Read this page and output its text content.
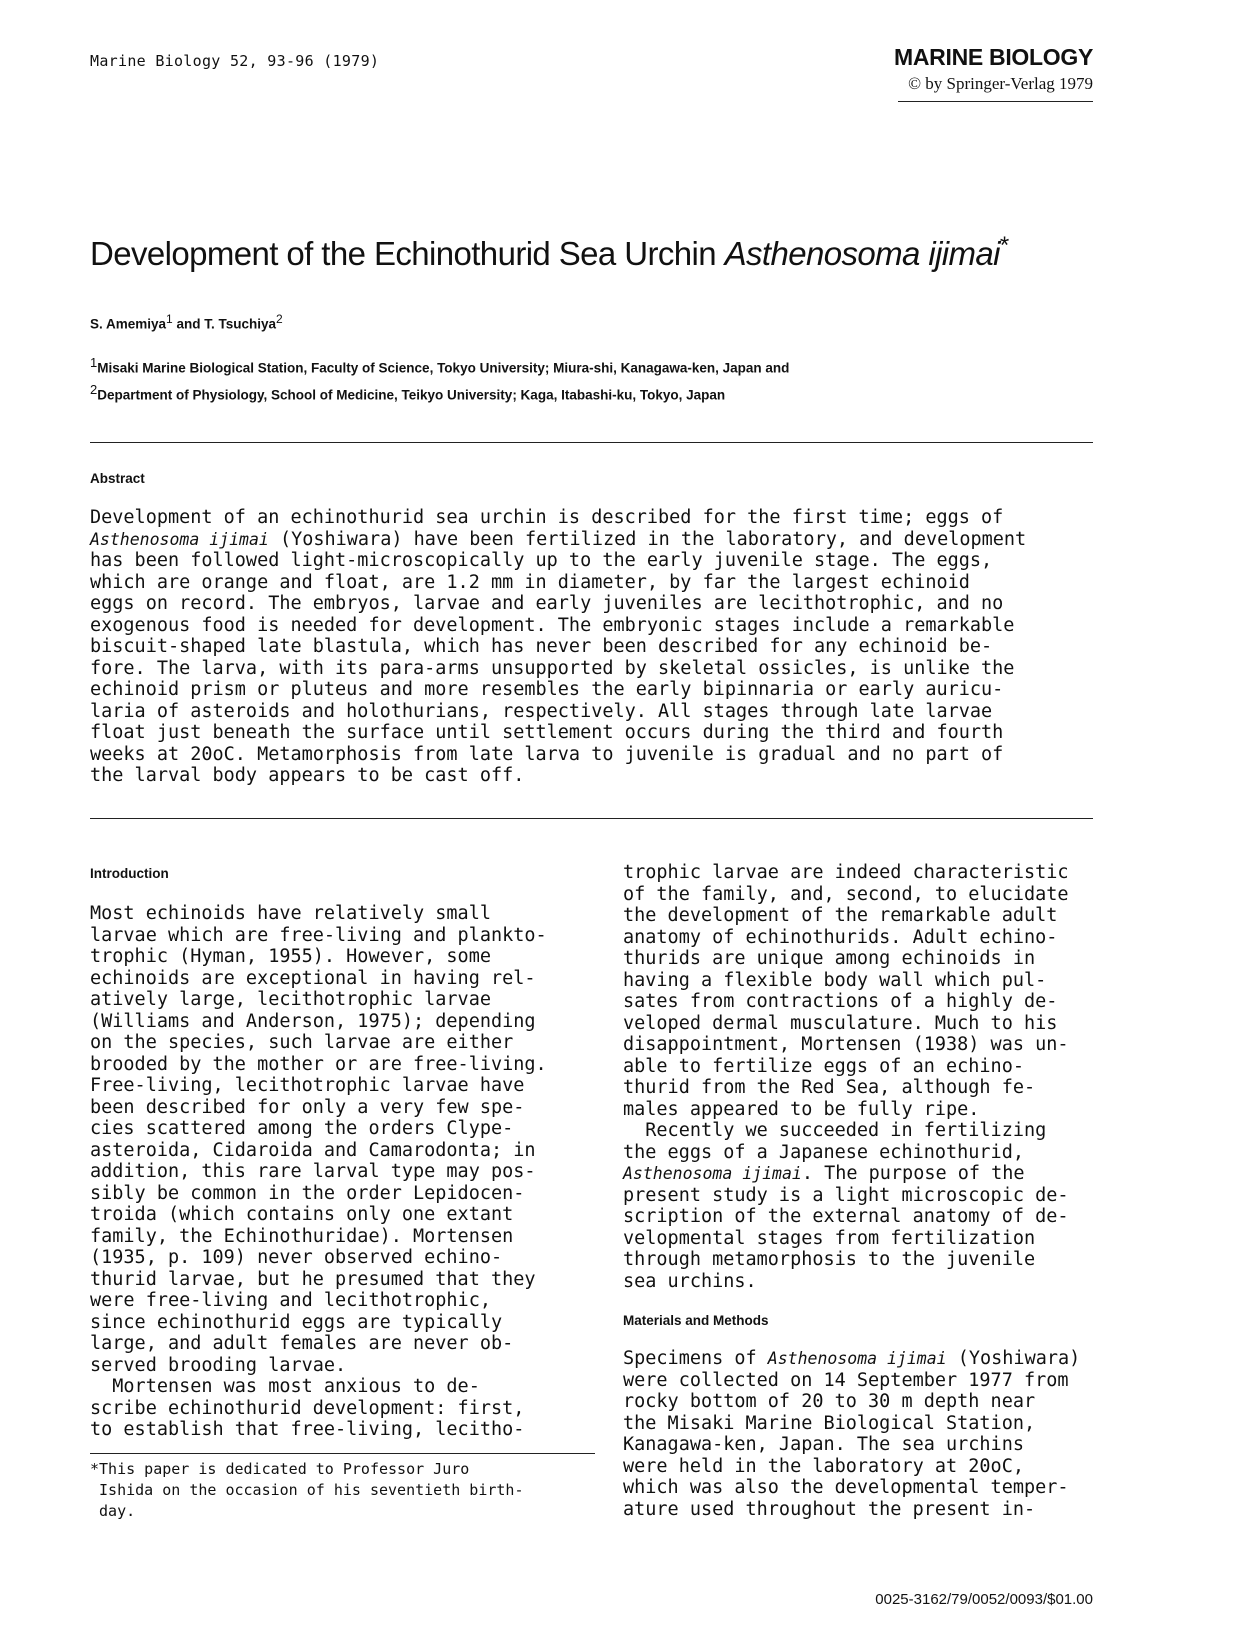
Marine Biology 52, 93-96 (1979)	MARINE BIOLOGY
© by Springer-Verlag 1979
Development of the Echinothurid Sea Urchin Asthenosoma ijimai*
S. Amemiya$^1$ and T. Tsuchiya$^2$
$^1$Misaki Marine Biological Station, Faculty of Science, Tokyo University; Miura-shi, Kanagawa-ken, Japan and
$^2$Department of Physiology, School of Medicine, Teikyo University; Kaga, Itabashi-ku, Tokyo, Japan
Abstract
Development of an echinothurid sea urchin is described for the first time; eggs of
Asthenosoma ijimai (Yoshiwara) have been fertilized in the laboratory, and development
has been followed light-microscopically up to the early juvenile stage. The eggs,
which are orange and float, are 1.2 mm in diameter, by far the largest echinoid
eggs on record. The embryos, larvae and early juveniles are lecithotrophic, and no
exogenous food is needed for development. The embryonic stages include a remarkable
biscuit-shaped late blastula, which has never been described for any echinoid be-
fore. The larva, with its para-arms unsupported by skeletal ossicles, is unlike the
echinoid prism or pluteus and more resembles the early bipinnaria or early auricu-
laria of asteroids and holothurians, respectively. All stages through late larvae
float just beneath the surface until settlement occurs during the third and fourth
weeks at 20oC. Metamorphosis from late larva to juvenile is gradual and no part of
the larval body appears to be cast off.
Introduction
Most echinoids have relatively small
larvae which are free-living and plankto-
trophic (Hyman, 1955). However, some
echinoids are exceptional in having rel-
atively large, lecithotrophic larvae
(Williams and Anderson, 1975); depending
on the species, such larvae are either
brooded by the mother or are free-living.
Free-living, lecithotrophic larvae have
been described for only a very few spe-
cies scattered among the orders Clype-
asteroida, Cidaroida and Camarodonta; in
addition, this rare larval type may pos-
sibly be common in the order Lepidocen-
troida (which contains only one extant
family, the Echinothuridae). Mortensen
(1935, p. 109) never observed echino-
thurid larvae, but he presumed that they
were free-living and lecithotrophic,
since echinothurid eggs are typically
large, and adult females are never ob-
served brooding larvae.
Mortensen was most anxious to de-
scribe echinothurid development: first,
to establish that free-living, lecitho-
trophic larvae are indeed characteristic
of the family, and, second, to elucidate
the development of the remarkable adult
anatomy of echinothurids. Adult echino-
thurids are unique among echinoids in
having a flexible body wall which pul-
sates from contractions of a highly de-
veloped dermal musculature. Much to his
disappointment, Mortensen (1938) was un-
able to fertilize eggs of an echino-
thurid from the Red Sea, although fe-
males appeared to be fully ripe.
Recently we succeeded in fertilizing
the eggs of a Japanese echinothurid,
Asthenosoma ijimai. The purpose of the
present study is a light microscopic de-
scription of the external anatomy of de-
velopmental stages from fertilization
through metamorphosis to the juvenile
sea urchins.
Materials and Methods
Specimens of Asthenosoma ijimai (Yoshiwara)
were collected on 14 September 1977 from
rocky bottom of 20 to 30 m depth near
the Misaki Marine Biological Station,
Kanagawa-ken, Japan. The sea urchins
were held in the laboratory at 20oC,
which was also the developmental temper-
ature used throughout the present in-
*This paper is dedicated to Professor Juro
Ishida on the occasion of his seventieth birth-
day.
0025-3162/79/0052/0093/$01.00
